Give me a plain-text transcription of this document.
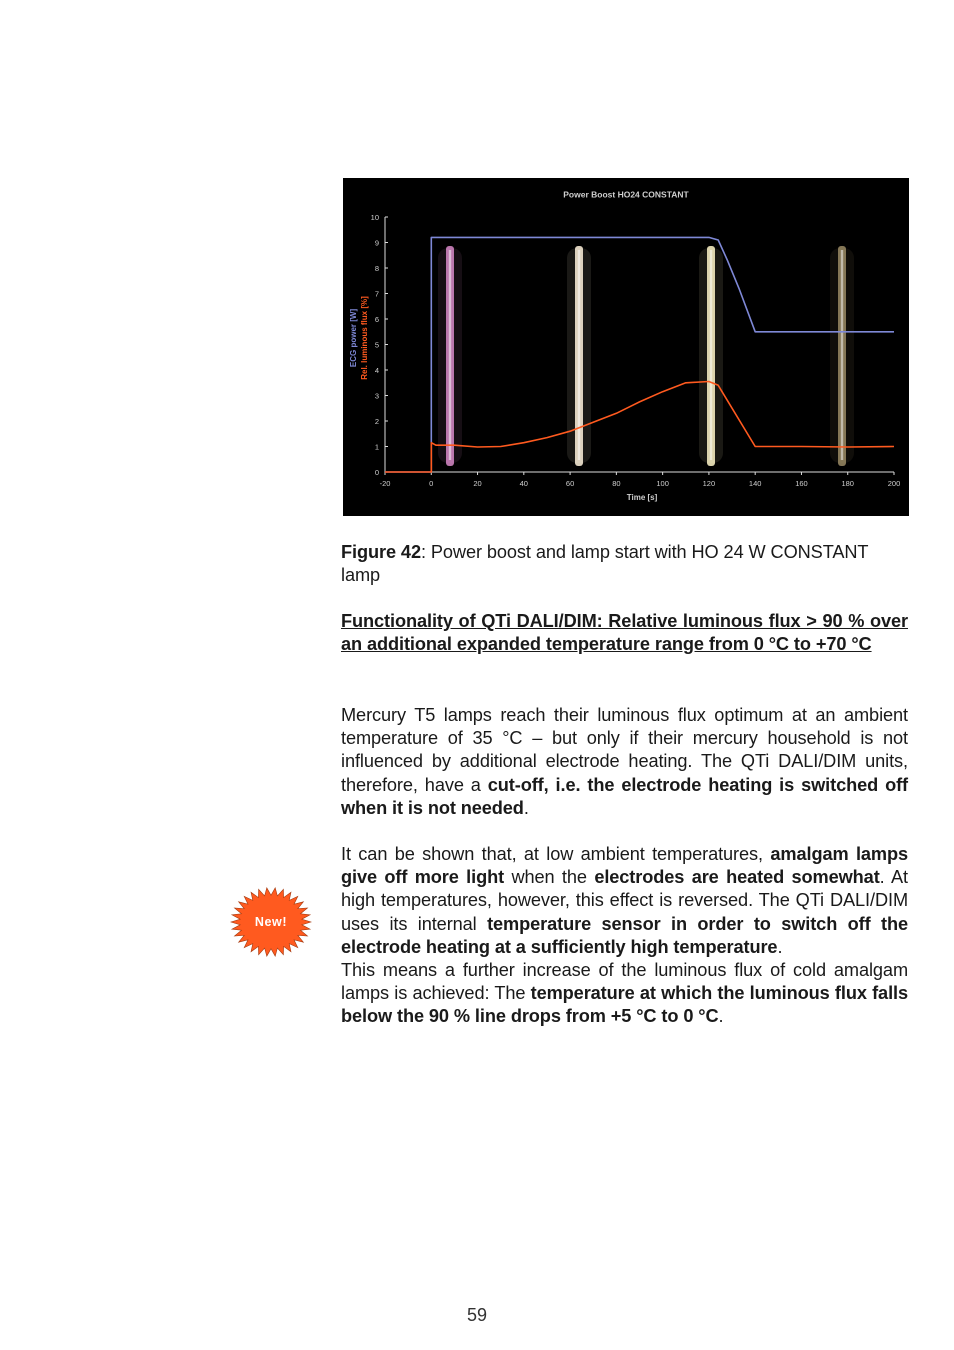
0
1
2
3
4
5
6
7
8
9
10
-20	0	20	40	60	80	100	120	140	160	180	200
Power Boost HO24 CONSTANT
Time [s]
ECG power [W] Rel. luminous flux [%]
Figure 42: Power boost and lamp start with HO 24 W CONSTANT lamp
Functionality of QTi DALI/DIM: Relative luminous flux > 90 % over an additional expanded temperature range from 0 °C to +70 °C
Mercury T5 lamps reach their luminous flux optimum at an ambient temperature of 35 °C – but only if their mercury household is not influenced by additional electrode heating. The QTi DALI/DIM units, therefore, have a cut-off, i.e. the electrode heating is switched off when it is not needed.
It can be shown that, at low ambient temperatures, amalgam lamps give off more light when the electrodes are heated somewhat. At high temperatures, however, this effect is reversed. The QTi DALI/DIM uses its internal temperature sensor in order to switch off the electrode heating at a sufficiently high temperature.
This means a further increase of the luminous flux of cold amalgam lamps is achieved: The temperature at which the luminous flux falls below the 90 % line drops from +5 °C to 0 °C.
New!
59
